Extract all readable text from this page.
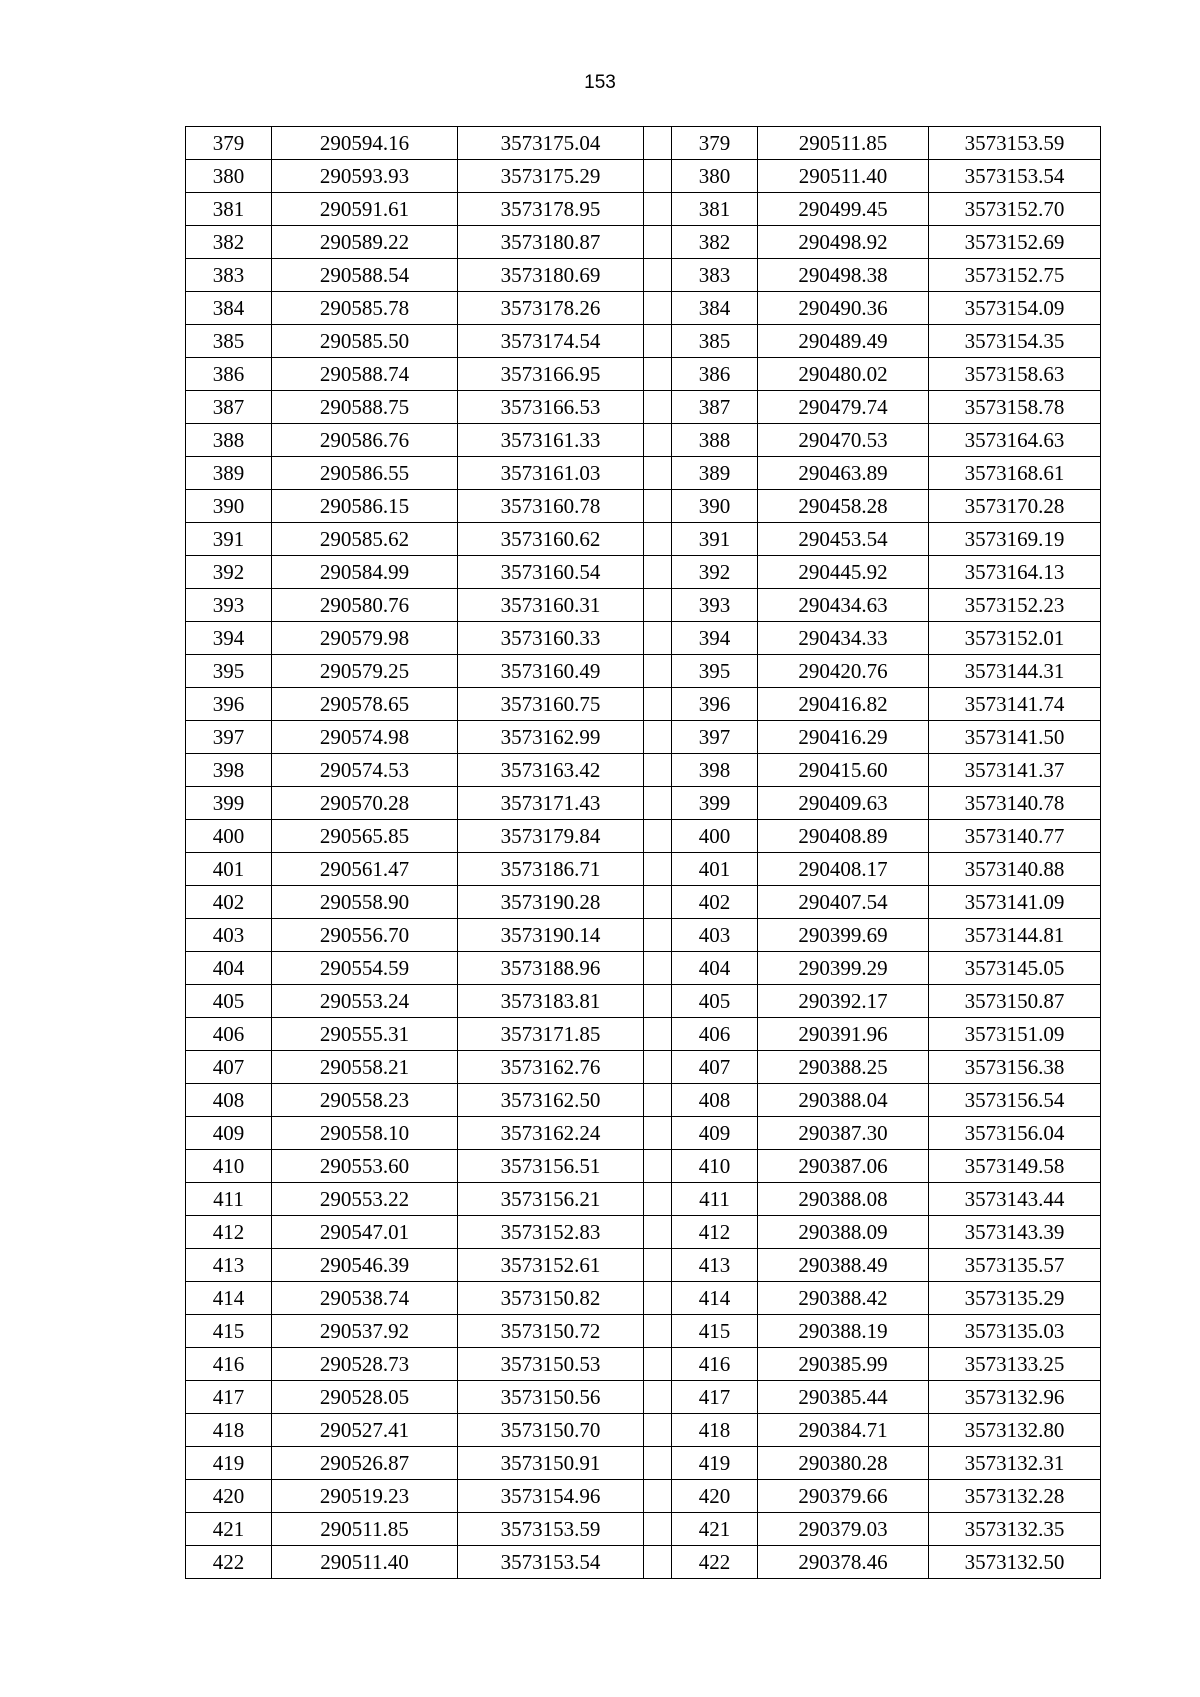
153
379	290594.16	3573175.04		379	290511.85	3573153.59
380	290593.93	3573175.29		380	290511.40	3573153.54
381	290591.61	3573178.95		381	290499.45	3573152.70
382	290589.22	3573180.87		382	290498.92	3573152.69
383	290588.54	3573180.69		383	290498.38	3573152.75
384	290585.78	3573178.26		384	290490.36	3573154.09
385	290585.50	3573174.54		385	290489.49	3573154.35
386	290588.74	3573166.95		386	290480.02	3573158.63
387	290588.75	3573166.53		387	290479.74	3573158.78
388	290586.76	3573161.33		388	290470.53	3573164.63
389	290586.55	3573161.03		389	290463.89	3573168.61
390	290586.15	3573160.78		390	290458.28	3573170.28
391	290585.62	3573160.62		391	290453.54	3573169.19
392	290584.99	3573160.54		392	290445.92	3573164.13
393	290580.76	3573160.31		393	290434.63	3573152.23
394	290579.98	3573160.33		394	290434.33	3573152.01
395	290579.25	3573160.49		395	290420.76	3573144.31
396	290578.65	3573160.75		396	290416.82	3573141.74
397	290574.98	3573162.99		397	290416.29	3573141.50
398	290574.53	3573163.42		398	290415.60	3573141.37
399	290570.28	3573171.43		399	290409.63	3573140.78
400	290565.85	3573179.84		400	290408.89	3573140.77
401	290561.47	3573186.71		401	290408.17	3573140.88
402	290558.90	3573190.28		402	290407.54	3573141.09
403	290556.70	3573190.14		403	290399.69	3573144.81
404	290554.59	3573188.96		404	290399.29	3573145.05
405	290553.24	3573183.81		405	290392.17	3573150.87
406	290555.31	3573171.85		406	290391.96	3573151.09
407	290558.21	3573162.76		407	290388.25	3573156.38
408	290558.23	3573162.50		408	290388.04	3573156.54
409	290558.10	3573162.24		409	290387.30	3573156.04
410	290553.60	3573156.51		410	290387.06	3573149.58
411	290553.22	3573156.21		411	290388.08	3573143.44
412	290547.01	3573152.83		412	290388.09	3573143.39
413	290546.39	3573152.61		413	290388.49	3573135.57
414	290538.74	3573150.82		414	290388.42	3573135.29
415	290537.92	3573150.72		415	290388.19	3573135.03
416	290528.73	3573150.53		416	290385.99	3573133.25
417	290528.05	3573150.56		417	290385.44	3573132.96
418	290527.41	3573150.70		418	290384.71	3573132.80
419	290526.87	3573150.91		419	290380.28	3573132.31
420	290519.23	3573154.96		420	290379.66	3573132.28
421	290511.85	3573153.59		421	290379.03	3573132.35
422	290511.40	3573153.54		422	290378.46	3573132.50
